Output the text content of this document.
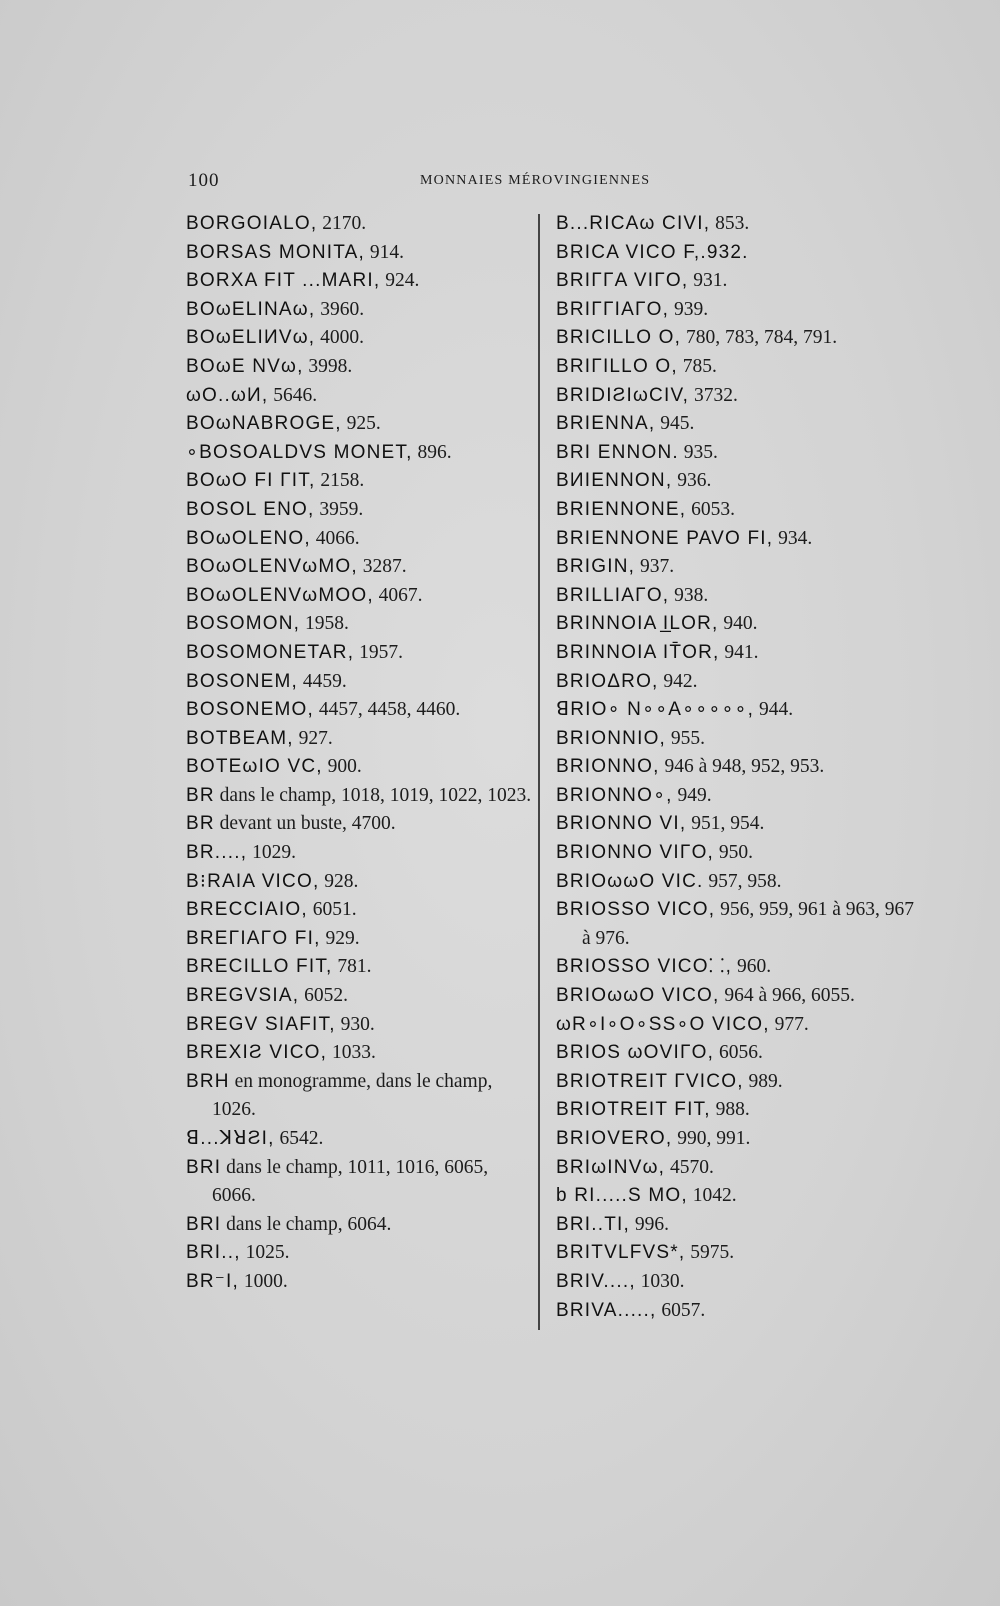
100	MONNAIES MÉROVINGIENNES
BORGOIALO, 2170.
BORSAS MONITA, 914.
BORXA FIT ...MARI, 924.
BOωELINAω, 3960.
BOωELIИVω, 4000.
BOωE NVω, 3998.
ωO..ωИ, 5646.
BOωNABROGE, 925.
∘BOSOALDVS MONET, 896.
BOωO FI ΓIT, 2158.
BOSOL ENO, 3959.
BOωOLENO, 4066.
BOωOLENVωMO, 3287.
BOωOLENVωMOO, 4067.
BOSOMON, 1958.
BOSOMONETAR, 1957.
BOSONEM, 4459.
BOSONEMO, 4457, 4458, 4460.
BOTBEAM, 927.
BOTEωIO VC, 900.
BR dans le champ, 1018, 1019, 1022, 1023.
BR devant un buste, 4700.
BR...., 1029.
B⁝RAIA VICO, 928.
BRECCIAIO, 6051.
BREΓIAΓO FI, 929.
BRECILLO FIT, 781.
BREGVSIA, 6052.
BREGV SIAFIT, 930.
BREXIƧ VICO, 1033.
BRH en monogramme, dans le champ, 1026.
ꓭ...ꓘꓤƧI, 6542.
BRI dans le champ, 1011, 1016, 6065, 6066.
BRI dans le champ, 6064.
BRI.., 1025.
BR⁻I, 1000.
B...RICAω CIVI, 853.
BRICA VICO F,.932.
BRIΓΓA VIΓO, 931.
BRIΓΓIAΓO, 939.
BRICILLO O, 780, 783, 784, 791.
BRIΓILLO O, 785.
BRIDIƧIωCIV, 3732.
BRIENNA, 945.
BRI ENNON. 935.
BИIENNON, 936.
BRIENNONE, 6053.
BRIENNONE PAVO FI, 934.
BRIGIN, 937.
BRILLIAΓO, 938.
BRINNOIA I̲LOR, 940.
BRINNOIA IT̄OR, 941.
BRIOΔRO, 942.
ꓭRIO∘ N∘∘A∘∘∘∘∘, 944.
BRIONNIO, 955.
BRIONNO, 946 à 948, 952, 953.
BRIONNO∘, 949.
BRIONNO VI, 951, 954.
BRIONNO VIΓO, 950.
BRIOωωO VIC. 957, 958.
BRIOSSO VICO, 956, 959, 961 à 963, 967 à 976.
BRIOSSO VICO⸬, 960.
BRIOωωO VICO, 964 à 966, 6055.
ωR∘I∘O∘SS∘O VICO, 977.
BRIOS ωOVIΓO, 6056.
BRIOTREIT ΓVICO, 989.
BRIOTREIT FIT, 988.
BRIOVERO, 990, 991.
BRIωINVω, 4570.
b RI.....S MO, 1042.
BRI..TI, 996.
BRITVLFVS*, 5975.
BRIV...., 1030.
BRIVA....., 6057.
